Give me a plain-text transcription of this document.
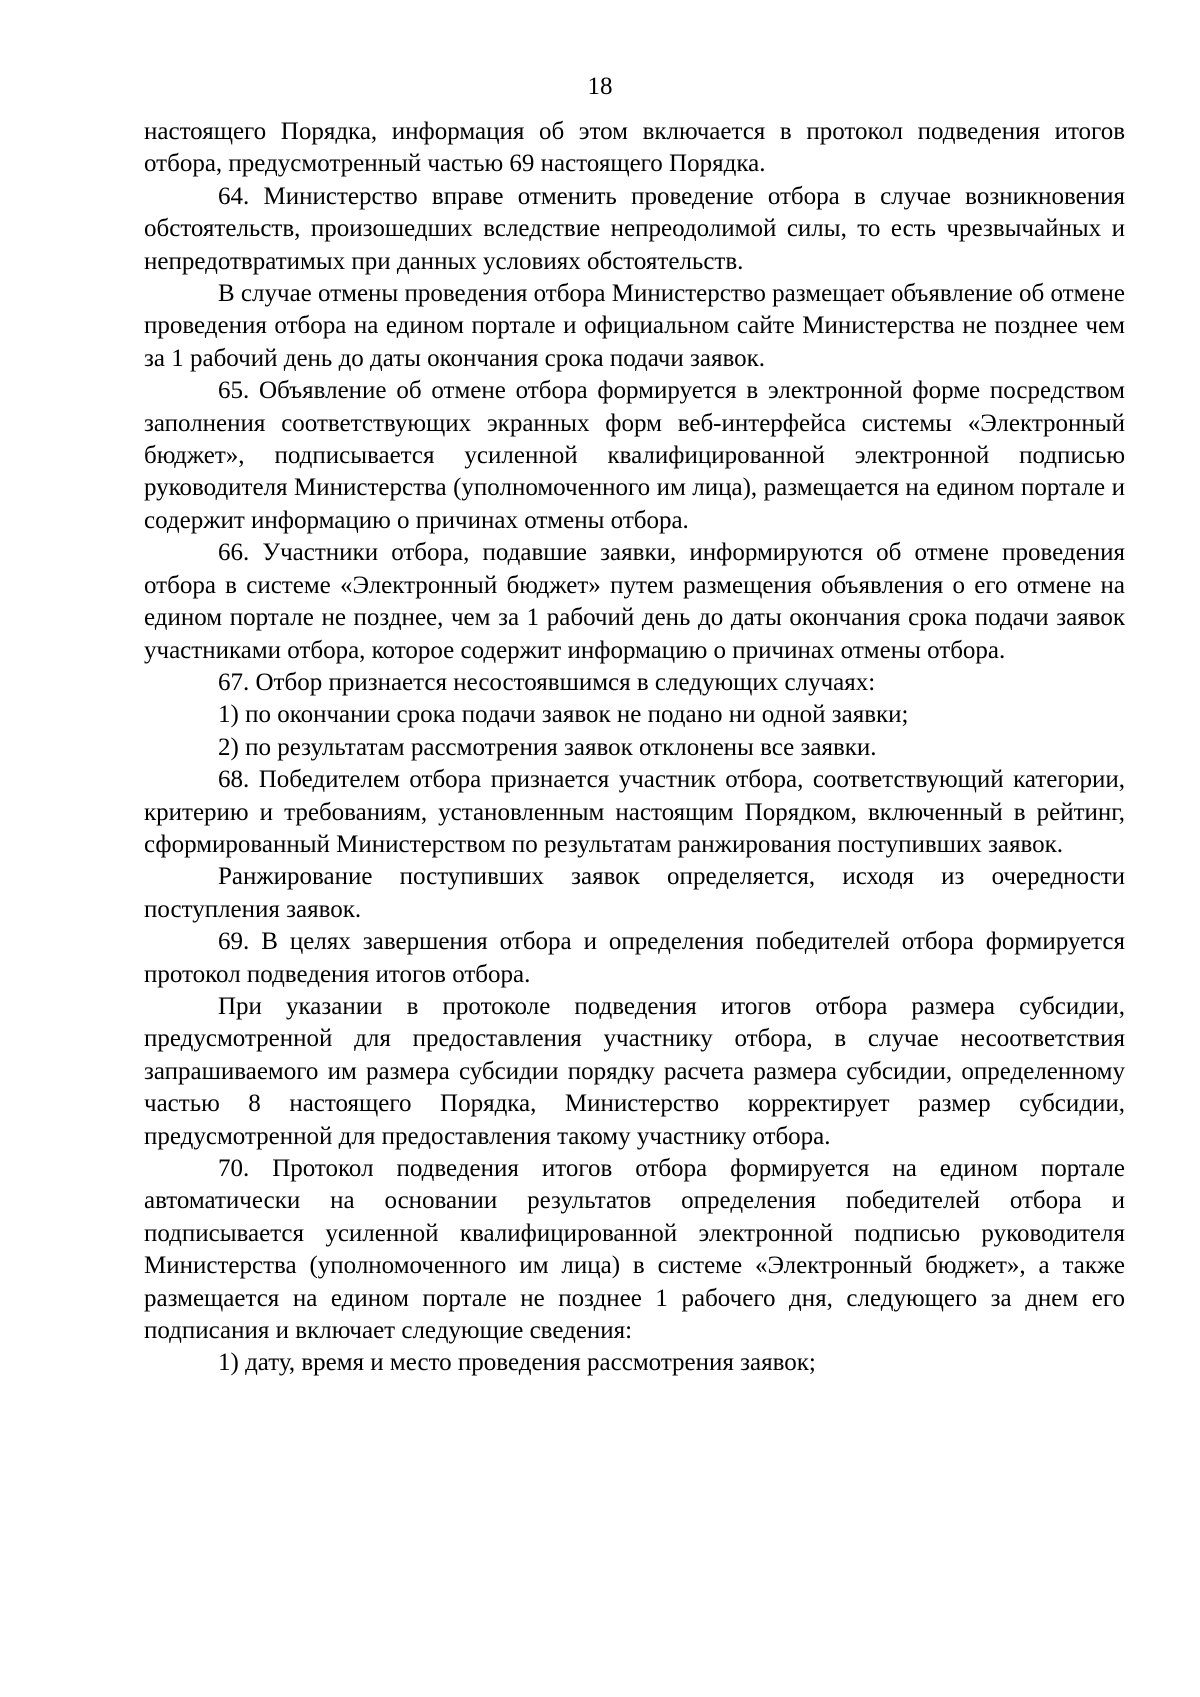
18

настоящего Порядка, информация об этом включается в протокол подведения итогов отбора, предусмотренный частью 69 настоящего Порядка.

64. Министерство вправе отменить проведение отбора в случае возникновения обстоятельств, произошедших вследствие непреодолимой силы, то есть чрезвычайных и непредотвратимых при данных условиях обстоятельств.

В случае отмены проведения отбора Министерство размещает объявление об отмене проведения отбора на едином портале и официальном сайте Министерства не позднее чем за 1 рабочий день до даты окончания срока подачи заявок.

65. Объявление об отмене отбора формируется в электронной форме посредством заполнения соответствующих экранных форм веб-интерфейса системы «Электронный бюджет», подписывается усиленной квалифицированной электронной подписью руководителя Министерства (уполномоченного им лица), размещается на едином портале и содержит информацию о причинах отмены отбора.

66. Участники отбора, подавшие заявки, информируются об отмене проведения отбора в системе «Электронный бюджет» путем размещения объявления о его отмене на едином портале не позднее, чем за 1 рабочий день до даты окончания срока подачи заявок участниками отбора, которое содержит информацию о причинах отмены отбора.

67. Отбор признается несостоявшимся в следующих случаях:

1) по окончании срока подачи заявок не подано ни одной заявки;

2) по результатам рассмотрения заявок отклонены все заявки.

68. Победителем отбора признается участник отбора, соответствующий категории, критерию и требованиям, установленным настоящим Порядком, включенный в рейтинг, сформированный Министерством по результатам ранжирования поступивших заявок.

Ранжирование поступивших заявок определяется, исходя из очередности поступления заявок.

69. В целях завершения отбора и определения победителей отбора формируется протокол подведения итогов отбора.

При указании в протоколе подведения итогов отбора размера субсидии, предусмотренной для предоставления участнику отбора, в случае несоответствия запрашиваемого им размера субсидии порядку расчета размера субсидии, определенному частью 8 настоящего Порядка, Министерство корректирует размер субсидии, предусмотренной для предоставления такому участнику отбора.

70. Протокол подведения итогов отбора формируется на едином портале автоматически на основании результатов определения победителей отбора и подписывается усиленной квалифицированной электронной подписью руководителя Министерства (уполномоченного им лица) в системе «Электронный бюджет», а также размещается на едином портале не позднее 1 рабочего дня, следующего за днем его подписания и включает следующие сведения:

1) дату, время и место проведения рассмотрения заявок;
